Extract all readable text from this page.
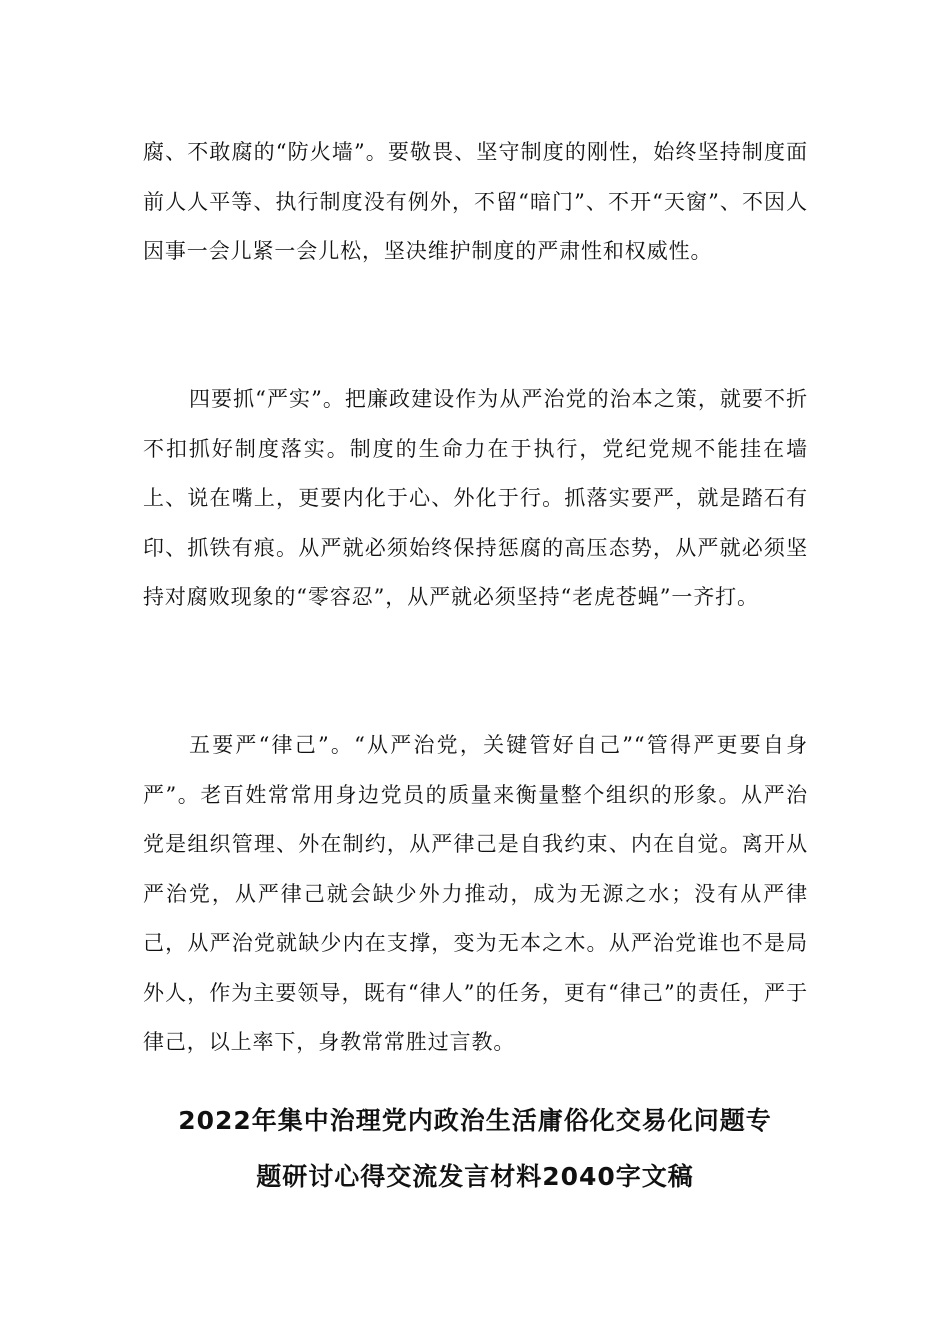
腐、不敢腐的“防火墙”。要敬畏、坚守制度的刚性，始终坚持制度面前人人平等、执行制度没有例外，不留“暗门”、不开“天窗”、不因人因事一会儿紧一会儿松，坚决维护制度的严肃性和权威性。

四要抓“严实”。把廉政建设作为从严治党的治本之策，就要不折不扣抓好制度落实。制度的生命力在于执行，党纪党规不能挂在墙上、说在嘴上，更要内化于心、外化于行。抓落实要严，就是踏石有印、抓铁有痕。从严就必须始终保持惩腐的高压态势，从严就必须坚持对腐败现象的“零容忍”，从严就必须坚持“老虎苍蝇”一齐打。

五要严“律己”。“从严治党，关键管好自己”“管得严更要自身严”。老百姓常常用身边党员的质量来衡量整个组织的形象。从严治党是组织管理、外在制约，从严律己是自我约束、内在自觉。离开从严治党，从严律己就会缺少外力推动，成为无源之水；没有从严律己，从严治党就缺少内在支撑，变为无本之木。从严治党谁也不是局外人，作为主要领导，既有“律人”的任务，更有“律己”的责任，严于律己，以上率下，身教常常胜过言教。

2022年集中治理党内政治生活庸俗化交易化问题专
题研讨心得交流发言材料2040字文稿
